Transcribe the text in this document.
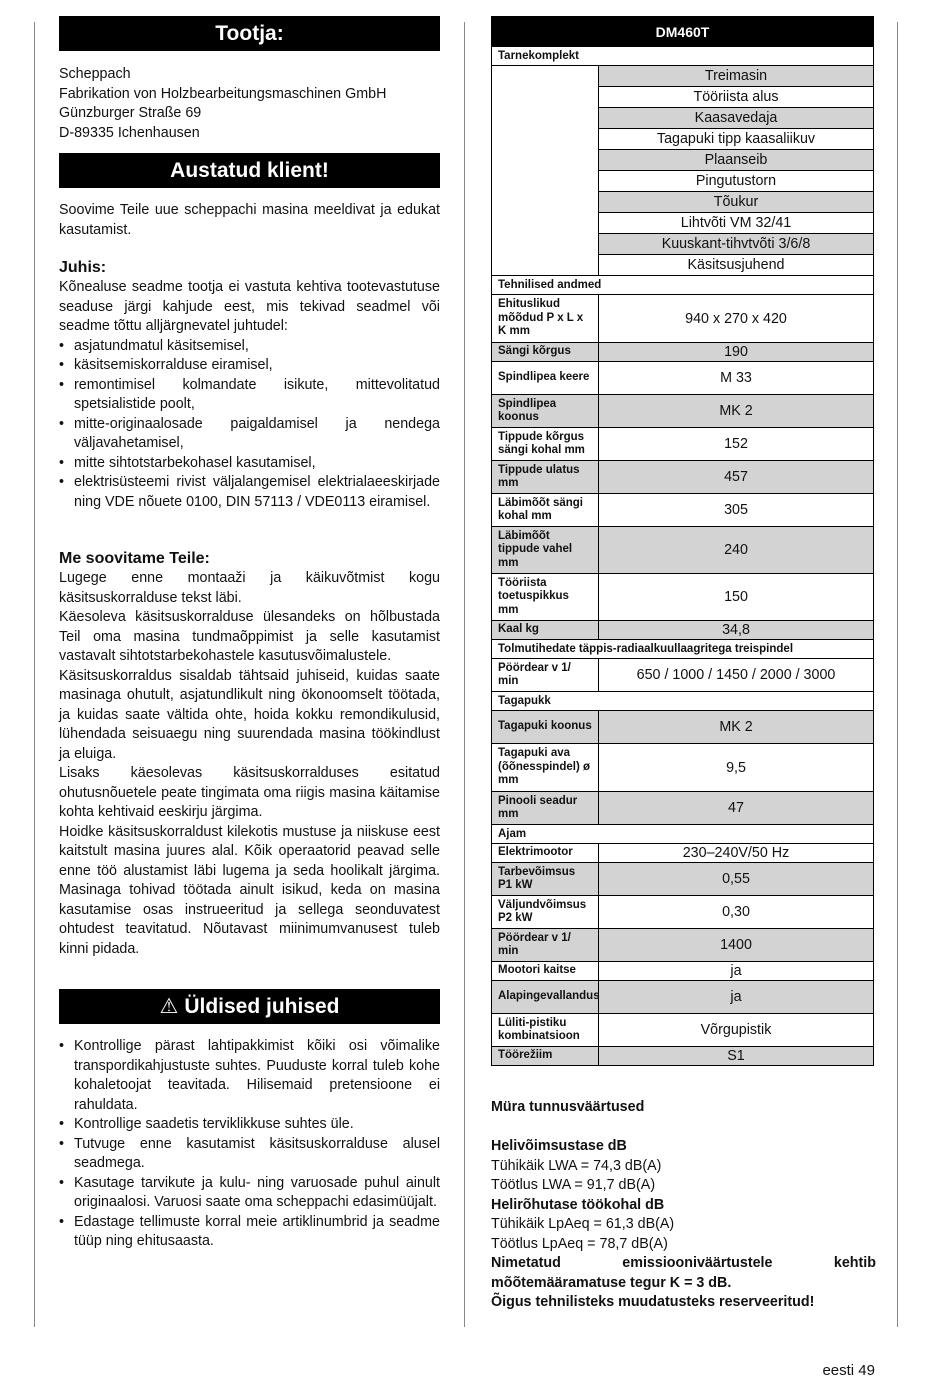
Tootja:
Scheppach
Fabrikation von Holzbearbeitungsmaschinen GmbH
Günzburger Straße 69
D-89335 Ichenhausen
Austatud klient!
Soovime Teile uue scheppachi masina meeldivat ja edukat kasutamist.
Juhis:
Kõnealuse seadme tootja ei vastuta kehtiva tootevastutuse seaduse järgi kahjude eest, mis tekivad seadmel või seadme tõttu alljärgnevatel juhtudel:
• asjatundmatul käsitsemisel,
• käsitsemiskorralduse eiramisel,
• remontimisel kolmandate isikute, mittevolitatud spetsialistide poolt,
• mitte-originaalosade paigaldamisel ja nendega väljavahetamisel,
• mitte sihtotstarbekohasel kasutamisel,
• elektrisüsteemi rivist väljalangemisel elektrialaeeskirjade ning VDE nõuete 0100, DIN 57113 / VDE0113 eiramisel.
Me soovitame Teile:
Lugege enne montaaži ja käikuvõtmist kogu käsitsuskorralduse tekst läbi.
Käesoleva käsitsuskorralduse ülesandeks on hõlbustada Teil oma masina tundmaõppimist ja selle kasutamist vastavalt sihtotstarbekohastele kasutusvõimalustele.
Käsitsuskorraldus sisaldab tähtsaid juhiseid, kuidas saate masinaga ohutult, asjatundlikult ning ökonoomselt töötada, ja kuidas saate vältida ohte, hoida kokku remondikulusid, lühendada seisuaegu ning suurendada masina töökindlust ja eluiga.
Lisaks käesolevas käsitsuskorralduses esitatud ohutusnõuetele peate tingimata oma riigis masina käitamise kohta kehtivaid eeskirju järgima.
Hoidke käsitsuskorraldust kilekotis mustuse ja niiskuse eest kaitstult masina juures alal. Kõik operaatorid peavad selle enne töö alustamist läbi lugema ja seda hoolikalt järgima. Masinaga tohivad töötada ainult isikud, keda on masina kasutamise osas instrueeritud ja sellega seonduvatest ohtudest teavitatud. Nõutavast miinimumvanusest tuleb kinni pidada.
⚠ Üldised juhised
• Kontrollige pärast lahtipakkimist kõiki osi võimalike transpordikahjustuste suhtes. Puuduste korral tuleb kohe kohaletoojat teavitada. Hilisemaid pretensioone ei rahuldata.
• Kontrollige saadetis terviklikkuse suhtes üle.
• Tutvuge enne kasutamist käsitsuskorralduse alusel seadmega.
• Kasutage tarvikute ja kulu- ning varuosade puhul ainult originaalosi. Varuosi saate oma scheppachi edasimüüjalt.
• Edastage tellimuste korral meie artiklinumbrid ja seadme tüüp ning ehitusaasta.
DM460T	
Tarnekomplekt	
	Treimasin
	Tööriista alus
	Kaasavedaja
	Tagapuki tipp kaasaliikuv
	Plaanseib
	Pingutustorn
	Tõukur
	Lihtvõti VM 32/41
	Kuuskant-tihvtvõti 3/6/8
	Käsitsusjuhend
Tehnilised andmed	
Ehituslikud mõõdud P x L x K mm	940 x 270 x 420
Sängi kõrgus	190
Spindlipea keere	M 33
Spindlipea koonus	MK 2
Tippude kõrgus sängi kohal mm	152
Tippude ulatus mm	457
Läbimõõt sängi kohal mm	305
Läbimõõt tippude vahel mm	240
Tööriista toetuspikkus mm	150
Kaal kg	34,8
Tolmutihedate täppis-radiaalkuullaagritega treispindel	
Pöördear v 1/ min	650 / 1000 / 1450 / 2000 / 3000
Tagapukk	
Tagapuki koonus	MK 2
Tagapuki ava (õõnesspindel) ø mm	9,5
Pinooli seadur mm	47
Ajam	
Elektrimootor	230–240V/50 Hz
Tarbevõimsus P1 kW	0,55
Väljundvõimsus P2 kW	0,30
Pöördear v 1/ min	1400
Mootori kaitse	ja
Alapingevallandus	ja
Lüliti-pistiku kombinatsioon	Võrgupistik
Töörežiim	S1
Müra tunnusväärtused
Helivõimsustase dB
Tühikäik LWA = 74,3 dB(A)
Töötlus LWA = 91,7 dB(A)
Helirõhutase töökohal dB
Tühikäik LpAeq = 61,3 dB(A)
Töötlus LpAeq = 78,7 dB(A)
Nimetatud emissiooniväärtustele kehtib mõõtemääramatuse tegur K = 3 dB.
Õigus tehnilisteks muudatusteks reserveeritud!
eesti 49
